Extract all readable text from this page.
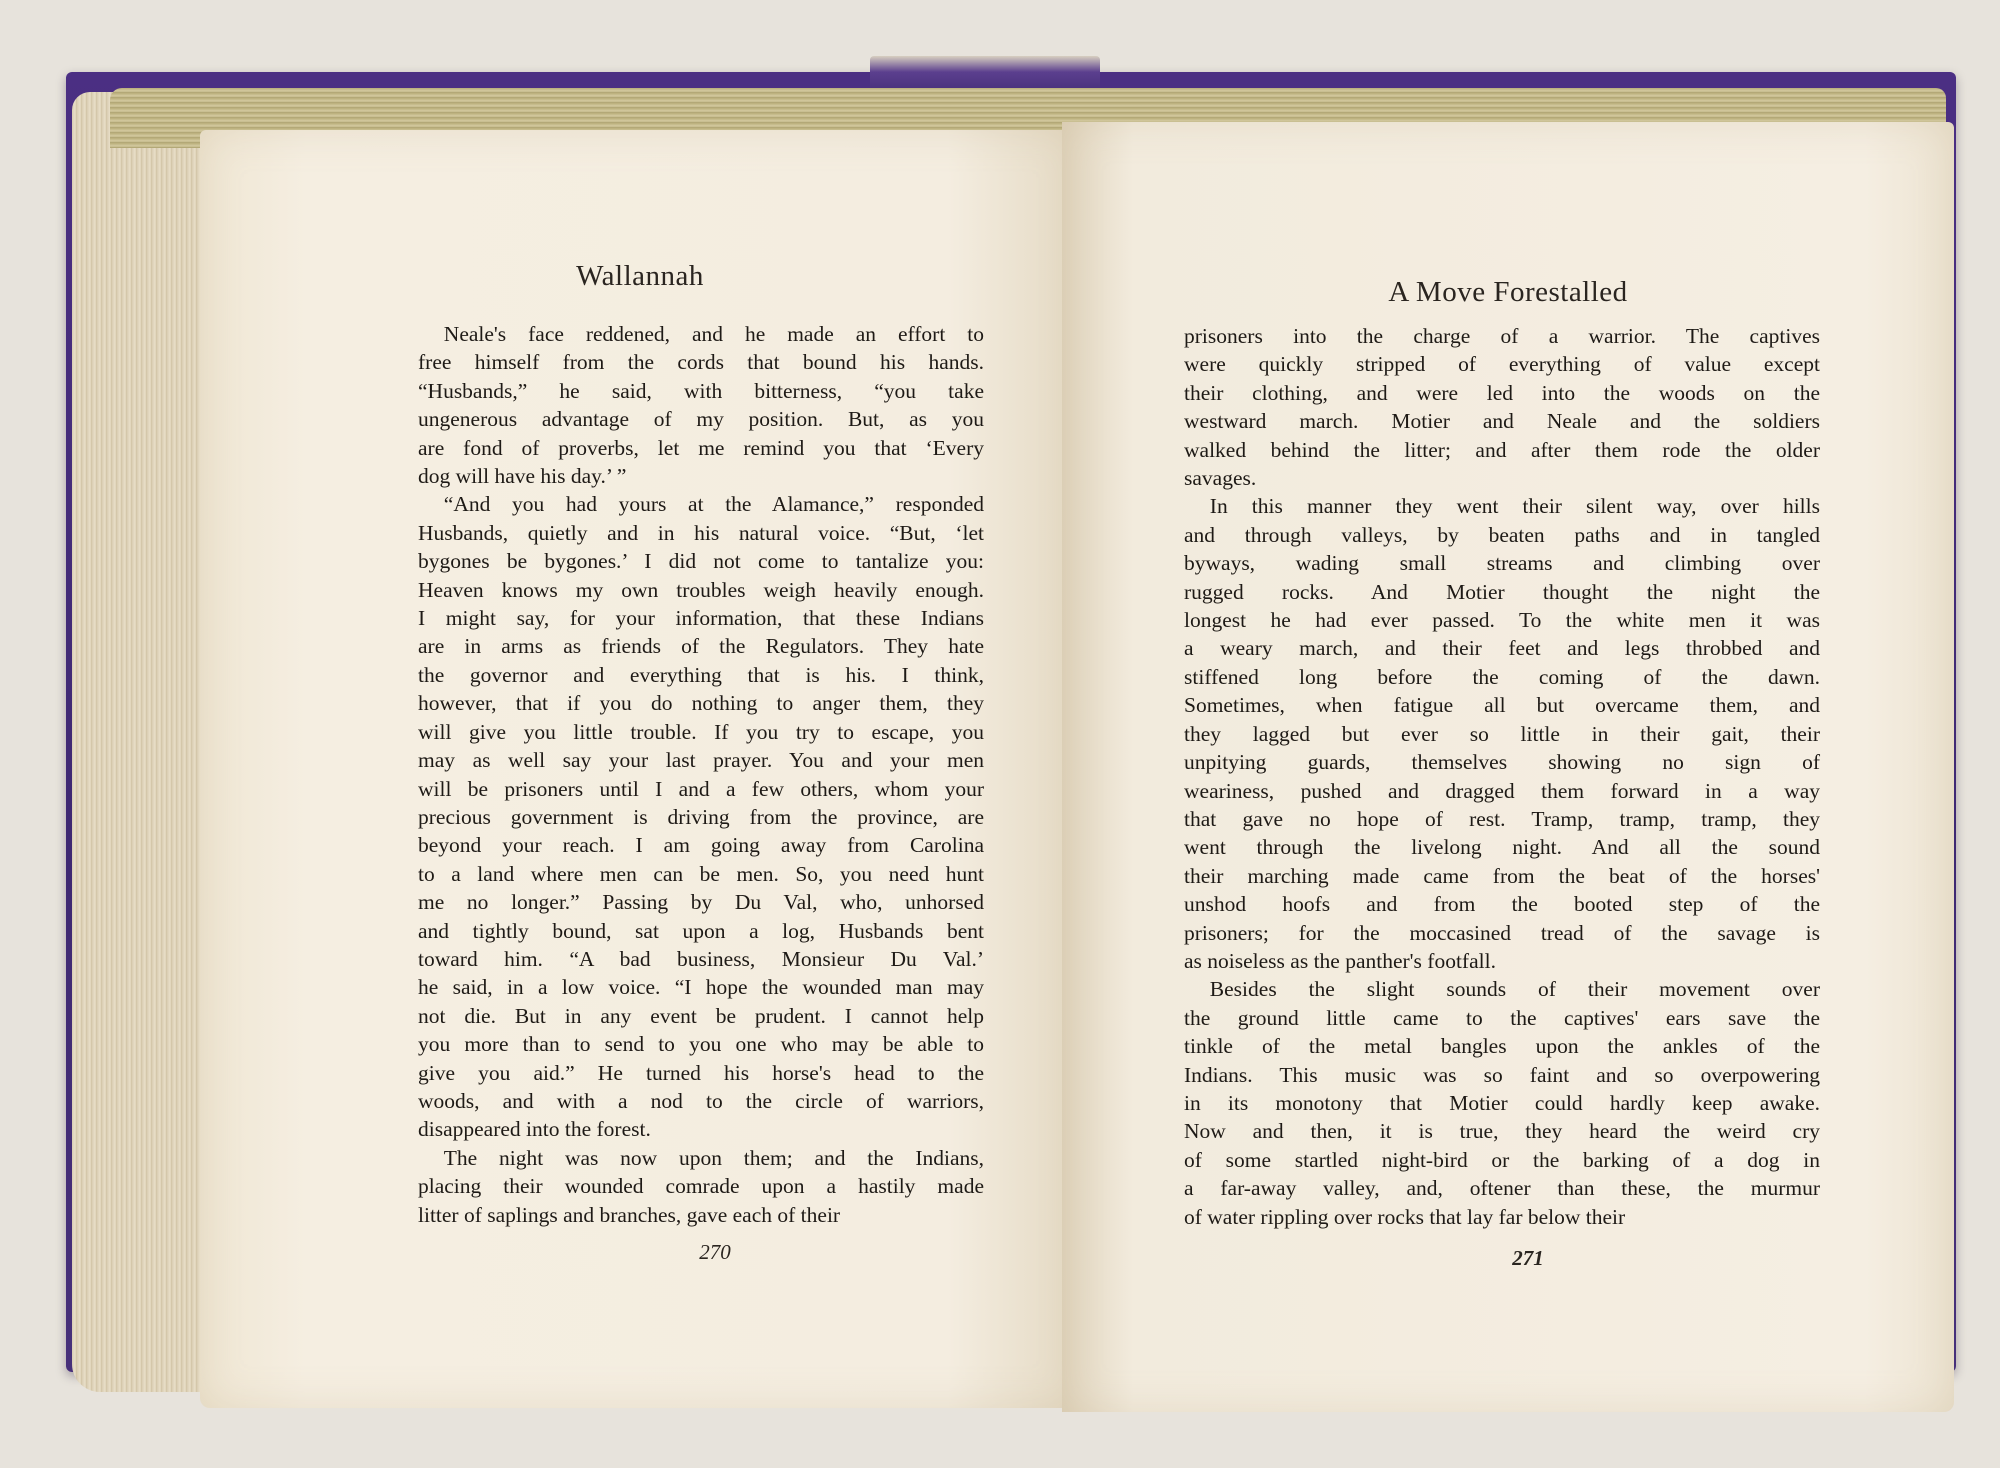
Wallannah

Neale's face reddened, and he made an effort to
free himself from the cords that bound his hands.
“Husbands,” he said, with bitterness, “you take
ungenerous advantage of my position. But, as you
are fond of proverbs, let me remind you that ‘Every
dog will have his day.’ ”

“And you had yours at the Alamance,” responded
Husbands, quietly and in his natural voice. “But, ‘let
bygones be bygones.’ I did not come to tantalize you:
Heaven knows my own troubles weigh heavily enough.
I might say, for your information, that these Indians
are in arms as friends of the Regulators. They hate
the governor and everything that is his. I think,
however, that if you do nothing to anger them, they
will give you little trouble. If you try to escape, you
may as well say your last prayer. You and your men
will be prisoners until I and a few others, whom your
precious government is driving from the province, are
beyond your reach. I am going away from Carolina
to a land where men can be men. So, you need hunt
me no longer.” Passing by Du Val, who, unhorsed
and tightly bound, sat upon a log, Husbands bent
toward him. “A bad business, Monsieur Du Val.’
he said, in a low voice. “I hope the wounded man may
not die. But in any event be prudent. I cannot help
you more than to send to you one who may be able to
give you aid.” He turned his horse's head to the
woods, and with a nod to the circle of warriors,
disappeared into the forest.

The night was now upon them; and the Indians,
placing their wounded comrade upon a hastily made
litter of saplings and branches, gave each of their

270
A Move Forestalled

prisoners into the charge of a warrior. The captives
were quickly stripped of everything of value except
their clothing, and were led into the woods on the
westward march. Motier and Neale and the soldiers
walked behind the litter; and after them rode the older
savages.

In this manner they went their silent way, over hills
and through valleys, by beaten paths and in tangled
byways, wading small streams and climbing over
rugged rocks. And Motier thought the night the
longest he had ever passed. To the white men it was
a weary march, and their feet and legs throbbed and
stiffened long before the coming of the dawn.
Sometimes, when fatigue all but overcame them, and
they lagged but ever so little in their gait, their
unpitying guards, themselves showing no sign of
weariness, pushed and dragged them forward in a way
that gave no hope of rest. Tramp, tramp, tramp, they
went through the livelong night. And all the sound
their marching made came from the beat of the horses'
unshod hoofs and from the booted step of the
prisoners; for the moccasined tread of the savage is
as noiseless as the panther's footfall.

Besides the slight sounds of their movement over
the ground little came to the captives' ears save the
tinkle of the metal bangles upon the ankles of the
Indians. This music was so faint and so overpowering
in its monotony that Motier could hardly keep awake.
Now and then, it is true, they heard the weird cry
of some startled night-bird or the barking of a dog in
a far-away valley, and, oftener than these, the murmur
of water rippling over rocks that lay far below their

271
